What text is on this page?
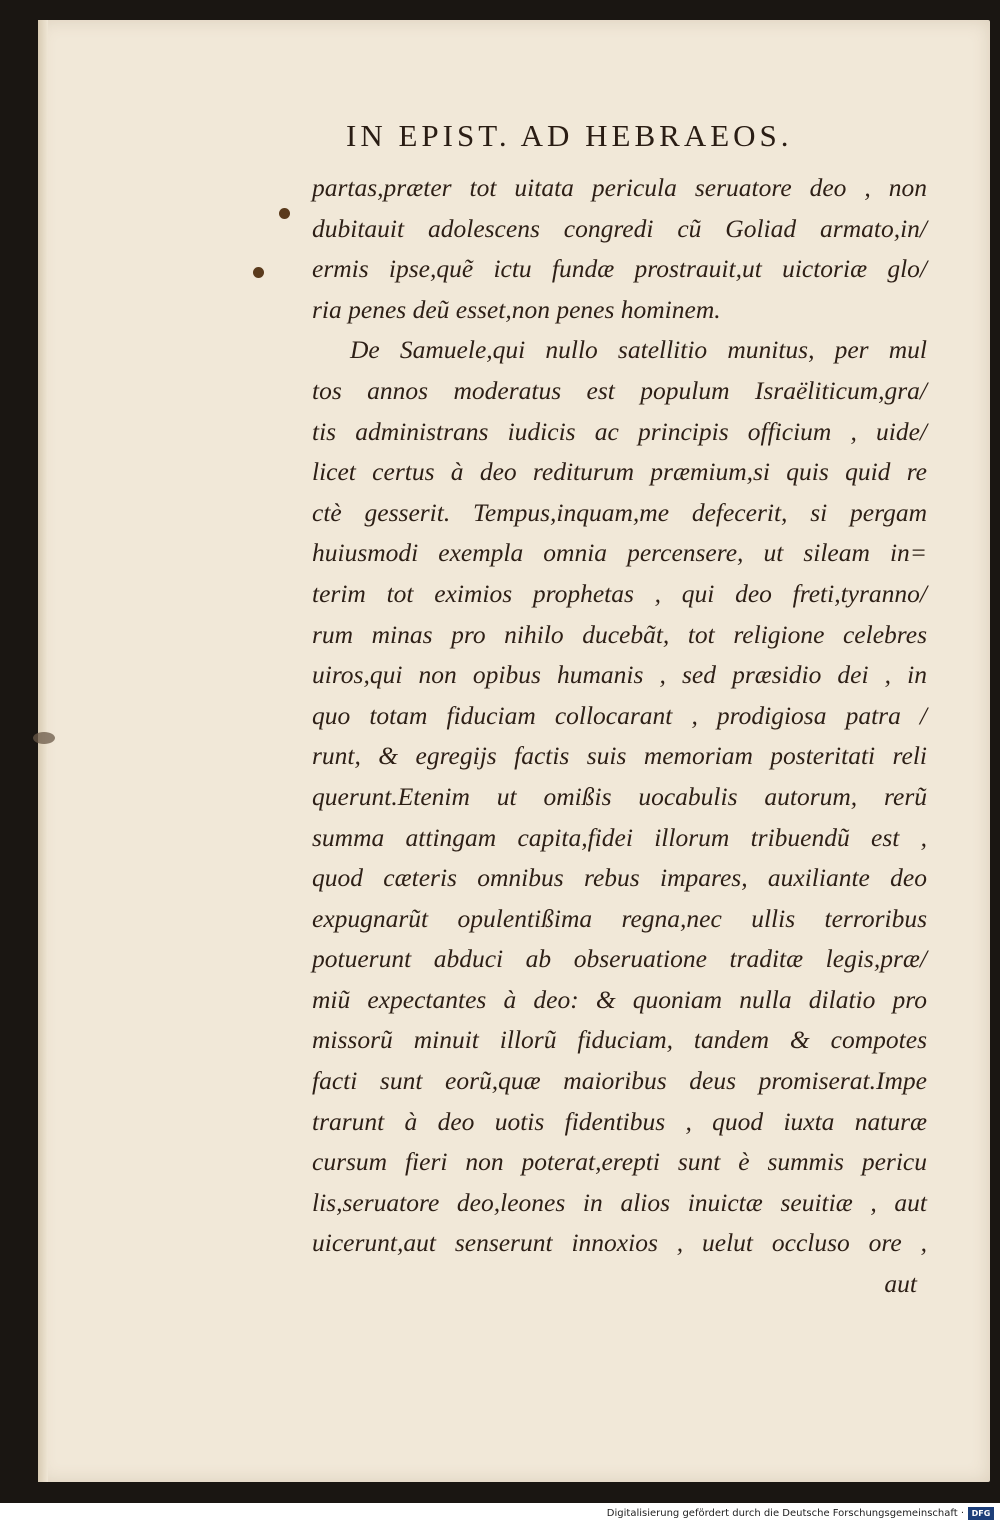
IN EPIST. AD HEBRAEOS.
partas,præter tot uitata pericula seruatore deo , non
dubitauit adolescens congredi cũ Goliad armato,in/
ermis ipse,quẽ ictu fundæ prostrauit,ut uictoriæ glo/
ria penes deũ esset,non penes hominem.
De Samuele,qui nullo satellitio munitus, per mul
tos annos moderatus est populum Israëliticum,gra/
tis administrans iudicis ac principis officium , uide/
licet certus à deo rediturum præmium,si quis quid re
ctè gesserit. Tempus,inquam,me defecerit, si pergam
huiusmodi exempla omnia percensere, ut sileam in=
terim tot eximios prophetas , qui deo freti,tyranno/
rum minas pro nihilo ducebãt, tot religione celebres
uiros,qui non opibus humanis , sed præsidio dei , in
quo totam fiduciam collocarant , prodigiosa patra /
runt, & egregijs factis suis memoriam posteritati reli
querunt.Etenim ut omißis uocabulis autorum, rerũ
summa attingam capita,fidei illorum tribuendũ est ,
quod cæteris omnibus rebus impares, auxiliante deo
expugnarũt opulentißima regna,nec ullis terroribus
potuerunt abduci ab obseruatione traditæ legis,præ/
miũ expectantes à deo: & quoniam nulla dilatio pro
missorũ minuit illorũ fiduciam, tandem & compotes
facti sunt eorũ,quæ maioribus deus promiserat.Impe
trarunt à deo uotis fidentibus , quod iuxta naturæ
cursum fieri non poterat,erepti sunt è summis pericu
lis,seruatore deo,leones in alios inuictæ seuitiæ , aut
uicerunt,aut senserunt innoxios , uelut occluso ore ,
aut
Digitalisierung gefördert durch die Deutsche Forschungsgemeinschaft · DFG
